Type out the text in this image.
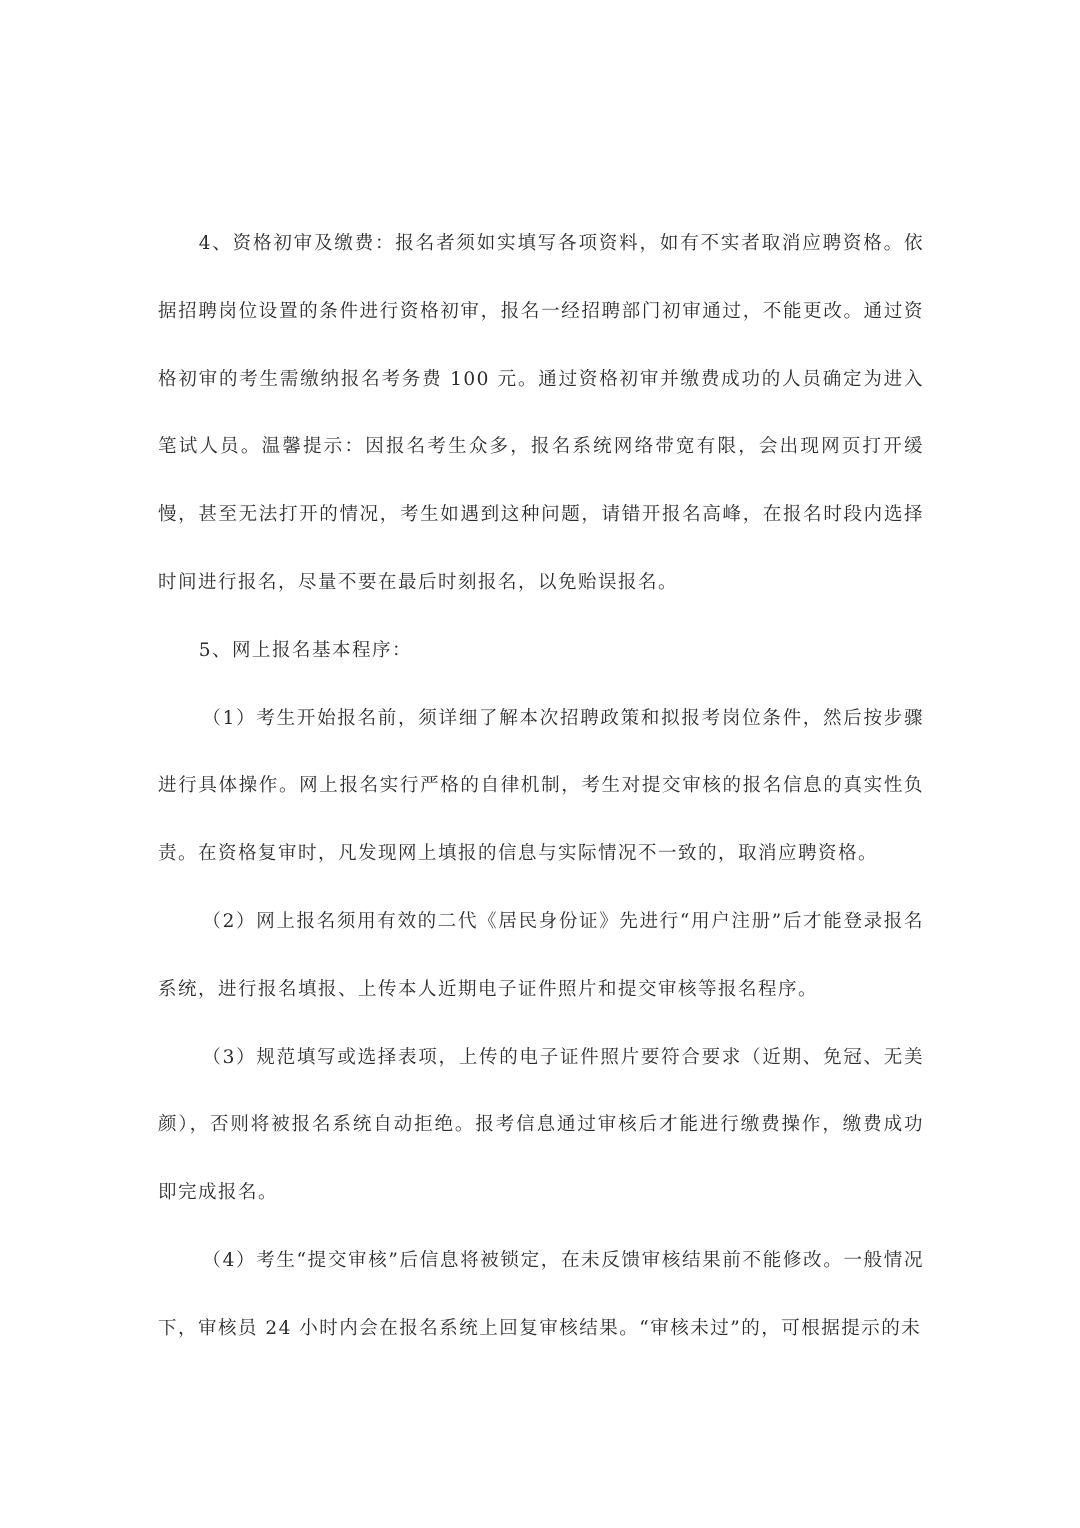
4、资格初审及缴费：报名者须如实填写各项资料，如有不实者取消应聘资格。依据招聘岗位设置的条件进行资格初审，报名一经招聘部门初审通过，不能更改。通过资格初审的考生需缴纳报名考务费 100 元。通过资格初审并缴费成功的人员确定为进入笔试人员。温馨提示：因报名考生众多，报名系统网络带宽有限，会出现网页打开缓慢，甚至无法打开的情况，考生如遇到这种问题，请错开报名高峰，在报名时段内选择时间进行报名，尽量不要在最后时刻报名，以免贻误报名。

5、网上报名基本程序：

（1）考生开始报名前，须详细了解本次招聘政策和拟报考岗位条件，然后按步骤进行具体操作。网上报名实行严格的自律机制，考生对提交审核的报名信息的真实性负责。在资格复审时，凡发现网上填报的信息与实际情况不一致的，取消应聘资格。

（2）网上报名须用有效的二代《居民身份证》先进行“用户注册”后才能登录报名系统，进行报名填报、上传本人近期电子证件照片和提交审核等报名程序。

（3）规范填写或选择表项，上传的电子证件照片要符合要求（近期、免冠、无美颜），否则将被报名系统自动拒绝。报考信息通过审核后才能进行缴费操作，缴费成功即完成报名。

（4）考生“提交审核”后信息将被锁定，在未反馈审核结果前不能修改。一般情况下，审核员 24 小时内会在报名系统上回复审核结果。“审核未过”的，可根据提示的未
